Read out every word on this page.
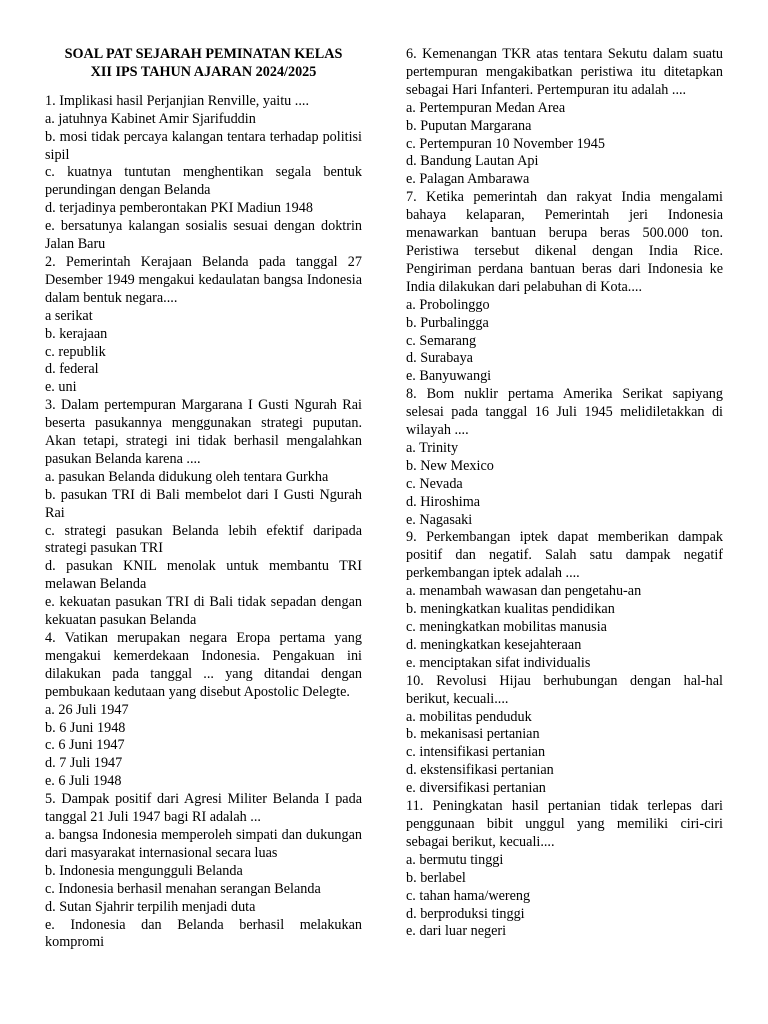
SOAL PAT SEJARAH PEMINATAN KELAS
XII IPS TAHUN AJARAN 2024/2025
1. Implikasi hasil Perjanjian Renville, yaitu ....
a. jatuhnya Kabinet Amir Sjarifuddin
b. mosi tidak percaya kalangan tentara terhadap politisi sipil
c. kuatnya tuntutan menghentikan segala bentuk perundingan dengan Belanda
d. terjadinya pemberontakan PKI Madiun 1948
e. bersatunya kalangan sosialis sesuai dengan doktrin Jalan Baru
2. Pemerintah Kerajaan Belanda pada tanggal 27 Desember 1949 mengakui kedaulatan bangsa Indonesia dalam bentuk negara....
a serikat
b. kerajaan
c. republik
d. federal
e. uni
3. Dalam pertempuran Margarana I Gusti Ngurah Rai beserta pasukannya menggunakan strategi puputan. Akan tetapi, strategi ini tidak berhasil mengalahkan pasukan Belanda karena ....
a. pasukan Belanda didukung oleh tentara Gurkha
b. pasukan TRI di Bali membelot dari I Gusti Ngurah Rai
c. strategi pasukan Belanda lebih efektif daripada strategi pasukan TRI
d. pasukan KNIL menolak untuk membantu TRI melawan Belanda
e. kekuatan pasukan TRI di Bali tidak sepadan dengan kekuatan pasukan Belanda
4. Vatikan merupakan negara Eropa pertama yang mengakui kemerdekaan Indonesia. Pengakuan ini dilakukan pada tanggal ... yang ditandai dengan pembukaan kedutaan yang disebut Apostolic Delegte.
a. 26 Juli 1947
b. 6 Juni 1948
c. 6 Juni 1947
d. 7 Juli 1947
e. 6 Juli 1948
5. Dampak positif dari Agresi Militer Belanda I pada tanggal 21 Juli 1947 bagi RI adalah ...
a. bangsa Indonesia memperoleh simpati dan dukungan dari masyarakat internasional secara luas
b. Indonesia mengungguli Belanda
c. Indonesia berhasil menahan serangan Belanda
d. Sutan Sjahrir terpilih menjadi duta
e. Indonesia dan Belanda berhasil melakukan kompromi
6. Kemenangan TKR atas tentara Sekutu dalam suatu pertempuran mengakibatkan peristiwa itu ditetapkan sebagai Hari Infanteri. Pertempuran itu adalah ....
a. Pertempuran Medan Area
b. Puputan Margarana
c. Pertempuran 10 November 1945
d. Bandung Lautan Api
e. Palagan Ambarawa
7. Ketika pemerintah dan rakyat India mengalami bahaya kelaparan, Pemerintah jeri Indonesia menawarkan bantuan berupa beras 500.000 ton. Peristiwa tersebut dikenal dengan India Rice. Pengiriman perdana bantuan beras dari Indonesia ke India dilakukan dari pelabuhan di Kota....
a. Probolinggo
b. Purbalingga
c. Semarang
d. Surabaya
e. Banyuwangi
8. Bom nuklir pertama Amerika Serikat sapiyang selesai pada tanggal 16 Juli 1945 melidiletakkan di wilayah ....
a. Trinity
b. New Mexico
c. Nevada
d. Hiroshima
e. Nagasaki
9. Perkembangan iptek dapat memberikan dampak positif dan negatif. Salah satu dampak negatif perkembangan iptek adalah ....
a. menambah wawasan dan pengetahu-an
b. meningkatkan kualitas pendidikan
c. meningkatkan mobilitas manusia
d. meningkatkan kesejahteraan
e. menciptakan sifat individualis
10. Revolusi Hijau berhubungan dengan hal-hal berikut, kecuali....
a. mobilitas penduduk
b. mekanisasi pertanian
c. intensifikasi pertanian
d. ekstensifikasi pertanian
e. diversifikasi pertanian
11. Peningkatan hasil pertanian tidak terlepas dari penggunaan bibit unggul yang memiliki ciri-ciri sebagai berikut, kecuali....
a. bermutu tinggi
b. berlabel
c. tahan hama/wereng
d. berproduksi tinggi
e. dari luar negeri
